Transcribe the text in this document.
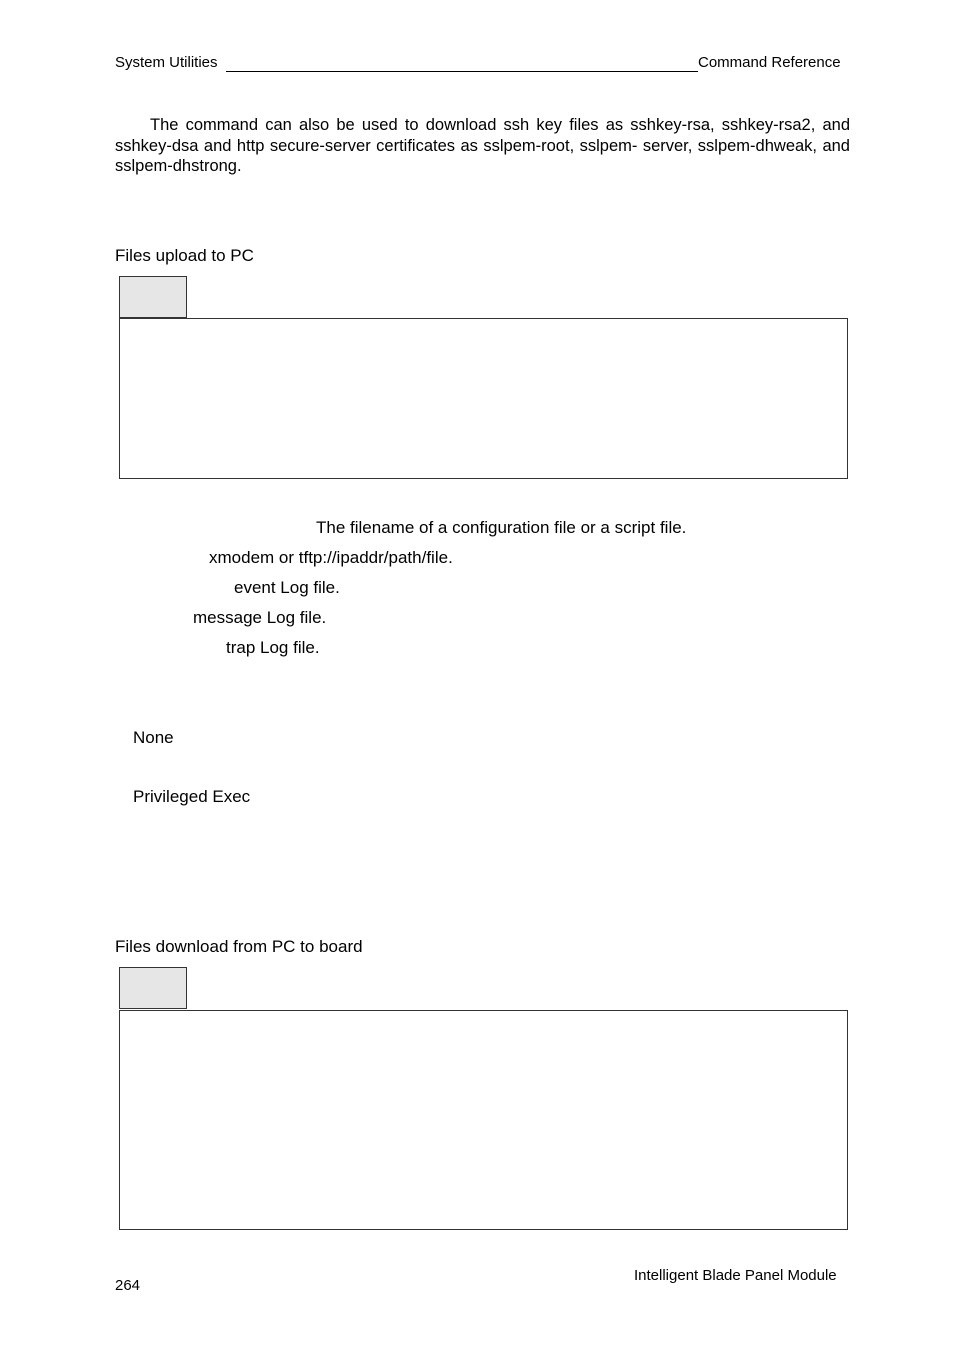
System Utilities	Command Reference
The command can also be used to download ssh key files as sshkey-rsa, sshkey-rsa2, and sshkey-dsa and http secure-server certificates as sslpem-root, sslpem- server, sslpem-dhweak, and sslpem-dhstrong.
Files upload to PC
The filename of a configuration file or a script file.
xmodem or tftp://ipaddr/path/file.
event Log file.
message Log file.
trap Log file.
None
Privileged Exec
Files download from PC to board
264
Intelligent Blade Panel Module
